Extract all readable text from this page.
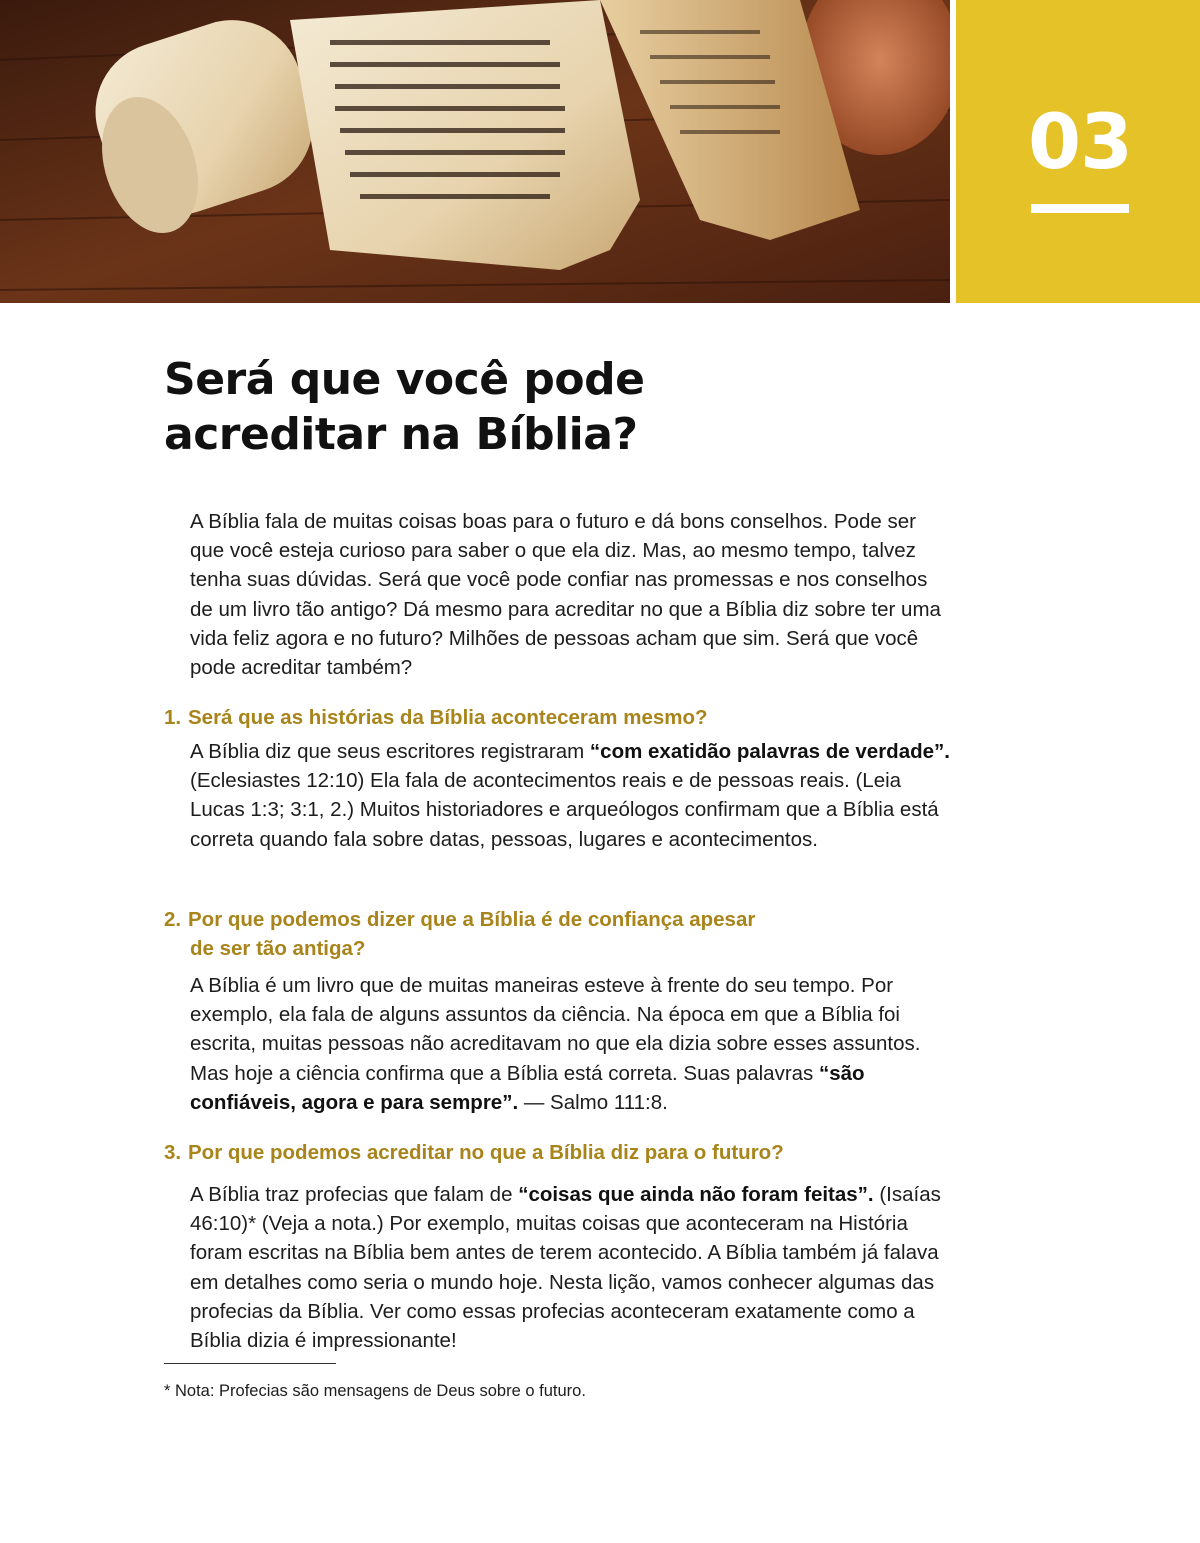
03
Será que você pode
acreditar na Bíblia?

A Bíblia fala de muitas coisas boas para o futuro e dá bons conselhos. Pode ser que você esteja curioso para saber o que ela diz. Mas, ao mesmo tempo, talvez tenha suas dúvidas. Será que você pode confiar nas promessas e nos conselhos de um livro tão antigo? Dá mesmo para acreditar no que a Bíblia diz sobre ter uma vida feliz agora e no futuro? Milhões de pessoas acham que sim. Será que você pode acreditar também?

1. Será que as histórias da Bíblia aconteceram mesmo?

A Bíblia diz que seus escritores registraram “com exatidão palavras de verdade”. (Eclesiastes 12:10) Ela fala de acontecimentos reais e de pessoas reais. (Leia Lucas 1:3; 3:1, 2.) Muitos historiadores e arqueólogos confirmam que a Bíblia está correta quando fala sobre datas, pessoas, lugares e acontecimentos.

2. Por que podemos dizer que a Bíblia é de confiança apesar
de ser tão antiga?

A Bíblia é um livro que de muitas maneiras esteve à frente do seu tempo. Por exemplo, ela fala de alguns assuntos da ciência. Na época em que a Bíblia foi escrita, muitas pessoas não acreditavam no que ela dizia sobre esses assuntos. Mas hoje a ciência confirma que a Bíblia está correta. Suas palavras “são confiáveis, agora e para sempre”. — Salmo 111:8.

3. Por que podemos acreditar no que a Bíblia diz para o futuro?

A Bíblia traz profecias que falam de “coisas que ainda não foram feitas”. (Isaías 46:10)* (Veja a nota.) Por exemplo, muitas coisas que aconteceram na História foram escritas na Bíblia bem antes de terem acontecido. A Bíblia também já falava em detalhes como seria o mundo hoje. Nesta lição, vamos conhecer algumas das profecias da Bíblia. Ver como essas profecias aconteceram exatamente como a Bíblia dizia é impressionante!

* Nota: Profecias são mensagens de Deus sobre o futuro.
